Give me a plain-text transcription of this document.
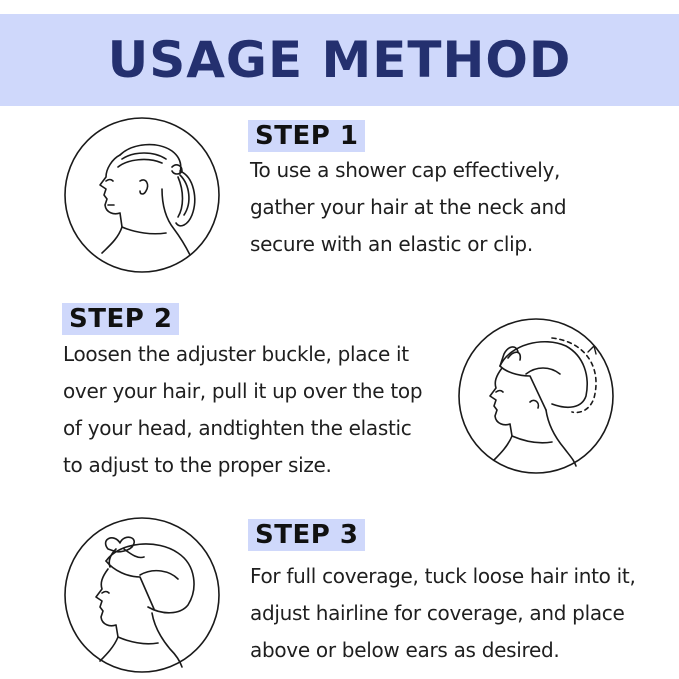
USAGE METHOD
STEP 1
To use a shower cap effectively,
gather your hair at the neck and
secure with an elastic or clip.
STEP 2
Loosen the adjuster buckle, place it
over your hair, pull it up over the top
of your head, andtighten the elastic
to adjust to the proper size.
STEP 3
For full coverage, tuck loose hair into it,
adjust hairline for coverage, and place
above or below ears as desired.
